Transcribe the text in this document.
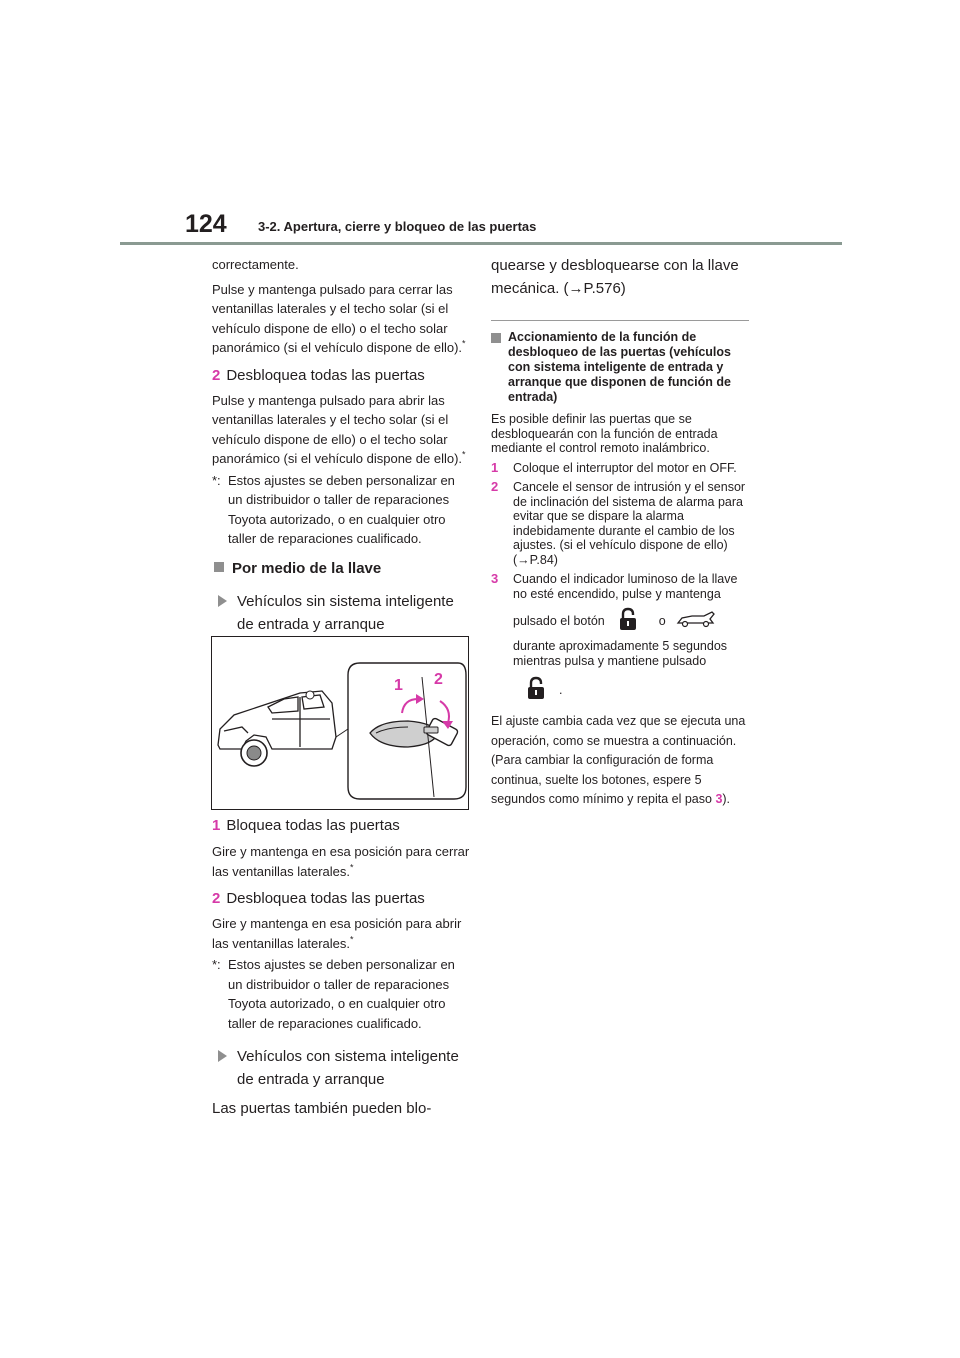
124 3-2. Apertura, cierre y bloqueo de las puertas
correctamente.
Pulse y mantenga pulsado para cerrar las ventanillas laterales y el techo solar (si el vehículo dispone de ello) o el techo solar panorámico (si el vehículo dispone de ello).*
2 Desbloquea todas las puertas
Pulse y mantenga pulsado para abrir las ventanillas laterales y el techo solar (si el vehículo dispone de ello) o el techo solar panorámico (si el vehículo dispone de ello).*
*: Estos ajustes se deben personalizar en un distribuidor o taller de reparaciones Toyota autorizado, o en cualquier otro taller de reparaciones cualificado.
Por medio de la llave
Vehículos sin sistema inteligente de entrada y arranque
1 2
1 Bloquea todas las puertas
Gire y mantenga en esa posición para cerrar las ventanillas laterales.*
2 Desbloquea todas las puertas
Gire y mantenga en esa posición para abrir las ventanillas laterales.*
*: Estos ajustes se deben personalizar en un distribuidor o taller de reparaciones Toyota autorizado, o en cualquier otro taller de reparaciones cualificado.
Vehículos con sistema inteligente de entrada y arranque
Las puertas también pueden blo-
quearse y desbloquearse con la llave mecánica. (→P.576)
Accionamiento de la función de desbloqueo de las puertas (vehículos con sistema inteligente de entrada y arranque que disponen de función de entrada)
Es posible definir las puertas que se desbloquearán con la función de entrada mediante el control remoto inalámbrico.
1	Coloque el interruptor del motor en OFF.
2	Cancele el sensor de intrusión y el sensor de inclinación del sistema de alarma para evitar que se dispare la alarma indebidamente durante el cambio de los ajustes. (si el vehículo dispone de ello) (→P.84)
3	Cuando el indicador luminoso de la llave no esté encendido, pulse y mantenga
pulsado el botón	o
durante aproximadamente 5 segundos mientras pulsa y mantiene pulsado
.
El ajuste cambia cada vez que se ejecuta una operación, como se muestra a continuación. (Para cambiar la configuración de forma continua, suelte los botones, espere 5 segundos como mínimo y repita el paso 3).
